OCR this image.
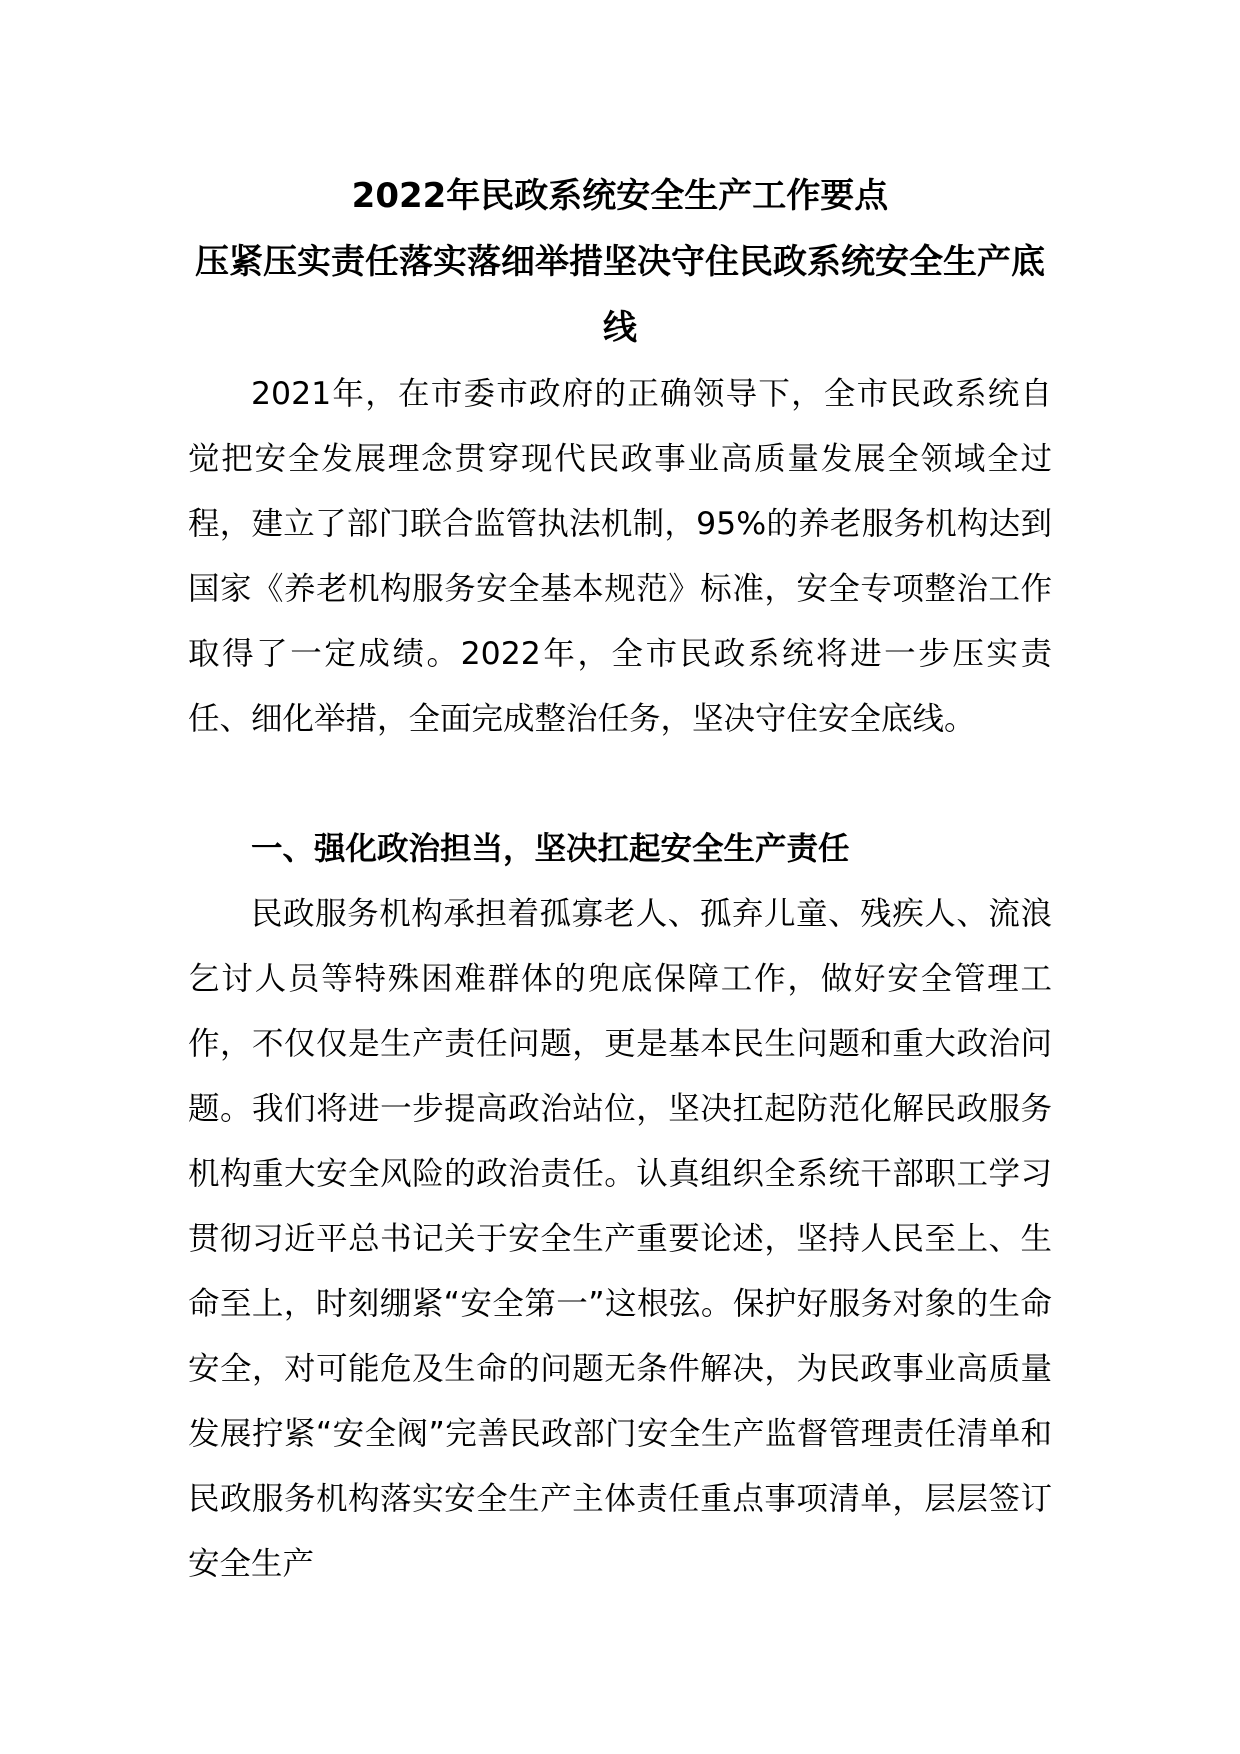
2022年民政系统安全生产工作要点
压紧压实责任落实落细举措坚决守住民政系统安全生产底线

2021年，在市委市政府的正确领导下，全市民政系统自觉把安全发展理念贯穿现代民政事业高质量发展全领域全过程，建立了部门联合监管执法机制，95%的养老服务机构达到国家《养老机构服务安全基本规范》标准，安全专项整治工作取得了一定成绩。2022年，全市民政系统将进一步压实责任、细化举措，全面完成整治任务，坚决守住安全底线。

一、强化政治担当，坚决扛起安全生产责任

民政服务机构承担着孤寡老人、孤弃儿童、残疾人、流浪乞讨人员等特殊困难群体的兜底保障工作，做好安全管理工作，不仅仅是生产责任问题，更是基本民生问题和重大政治问题。我们将进一步提高政治站位，坚决扛起防范化解民政服务机构重大安全风险的政治责任。认真组织全系统干部职工学习贯彻习近平总书记关于安全生产重要论述，坚持人民至上、生命至上，时刻绷紧“安全第一”这根弦。保护好服务对象的生命安全，对可能危及生命的问题无条件解决，为民政事业高质量发展拧紧“安全阀”完善民政部门安全生产监督管理责任清单和民政服务机构落实安全生产主体责任重点事项清单，层层签订安全生产
